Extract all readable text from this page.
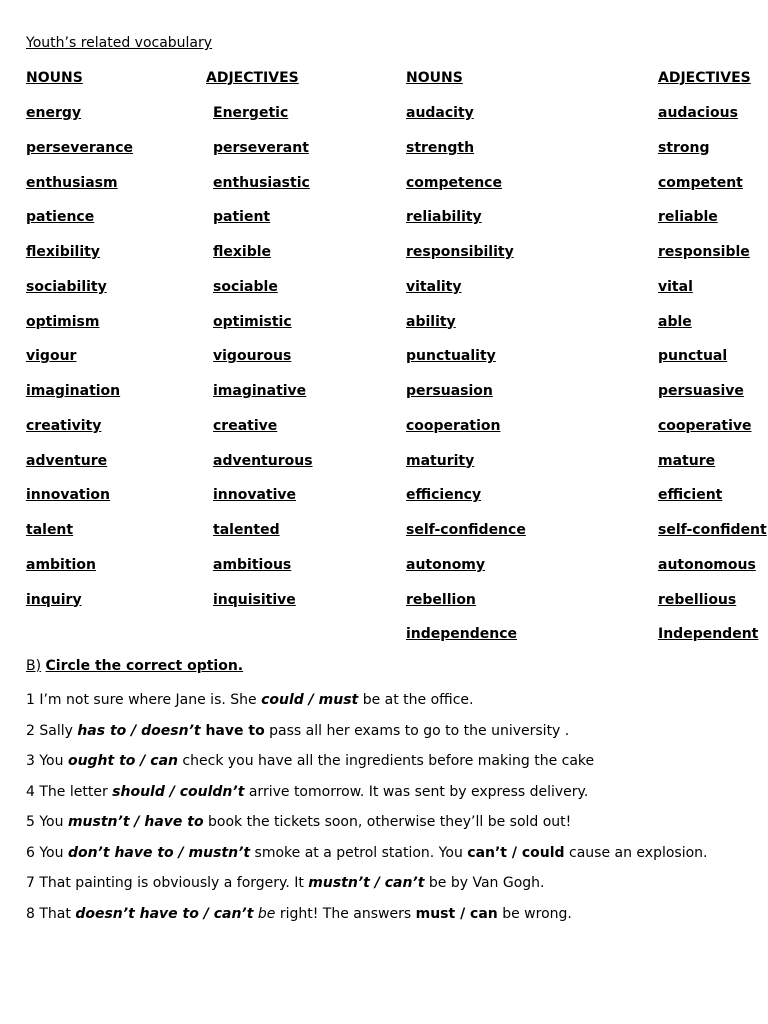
Youth’s related vocabulary
NOUNS
energy
perseverance
enthusiasm
patience
flexibility
sociability
optimism
vigour
imagination
creativity
adventure
innovation
talent
ambition
inquiry
ADJECTIVES
Energetic
perseverant
enthusiastic
patient
flexible
sociable
optimistic
vigourous
imaginative
creative
adventurous
innovative
talented
ambitious
inquisitive
NOUNS
audacity
strength
competence
reliability
responsibility
vitality
ability
punctuality
persuasion
cooperation
maturity
efficiency
self-confidence
autonomy
rebellion
independence
ADJECTIVES
audacious
strong
competent
reliable
responsible
vital
able
punctual
persuasive
cooperative
mature
efficient
self-confident
autonomous
rebellious
Independent
B) Circle the correct option.
1 I’m not sure where Jane is. She could / must be at the office.
2 Sally has to / doesn’t have to pass all her exams to go to the university .
3 You ought to / can check you have all the ingredients before making the cake
4 The letter should / couldn’t arrive tomorrow. It was sent by express delivery.
5 You mustn’t / have to book the tickets soon, otherwise they’ll be sold out!
6 You don’t have to / mustn’t smoke at a petrol station. You can’t / could cause an explosion.
7 That painting is obviously a forgery. It mustn’t / can’t be by Van Gogh.
8 That doesn’t have to / can’t be right! The answers must / can be wrong.
